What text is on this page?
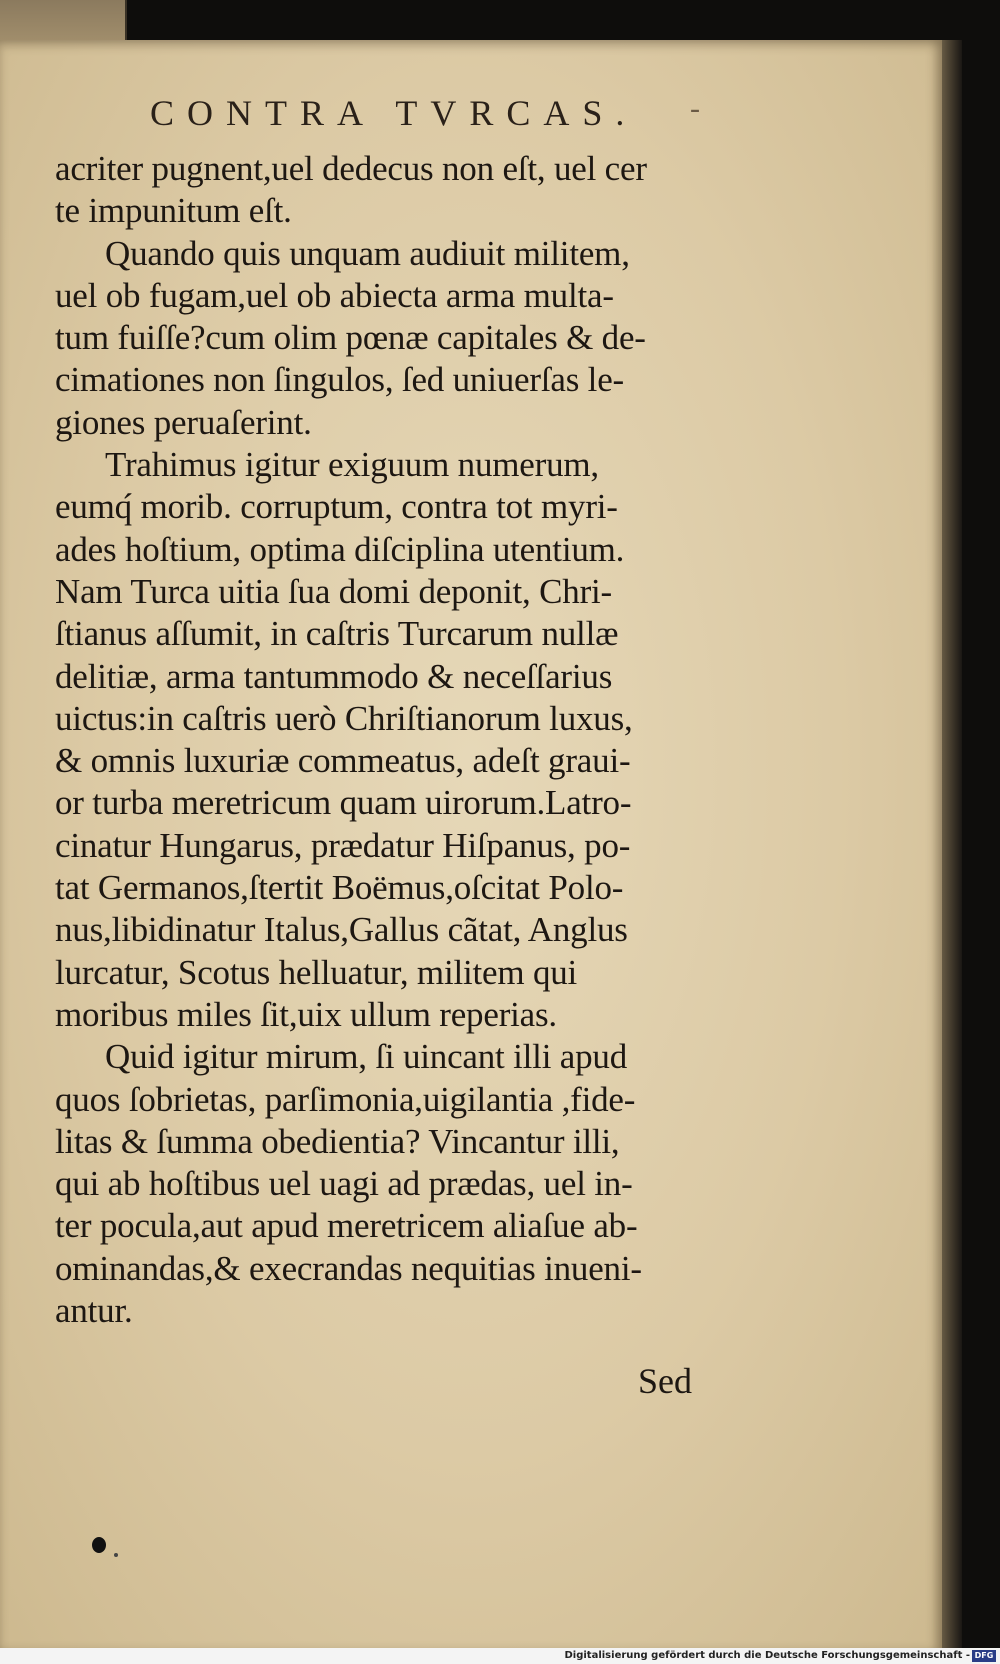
CONTRA TVRCAS.	-
acriter pugnent,uel dedecus non eſt, uel cer
te impunitum eſt.
Quando quis unquam audiuit militem,
uel ob fugam,uel ob abiecta arma multa-
tum fuiſſe?cum olim pœnæ capitales & de-
cimationes non ſingulos, ſed uniuerſas le-
giones peruaſerint.
Trahimus igitur exiguum numerum,
eumq́ morib. corruptum, contra tot myri-
ades hoſtium, optima diſciplina utentium.
Nam Turca uitia ſua domi deponit, Chri-
ſtianus aſſumit, in caſtris Turcarum nullæ
delitiæ, arma tantummodo & neceſſarius
uictus:in caſtris uerò Chriſtianorum luxus,
& omnis luxuriæ commeatus, adeſt graui-
or turba meretricum quam uirorum.Latro-
cinatur Hungarus, prædatur Hiſpanus, po-
tat Germanos,ſtertit Boëmus,oſcitat Polo-
nus,libidinatur Italus,Gallus cãtat, Anglus
lurcatur, Scotus helluatur, militem qui
moribus miles ſit,uix ullum reperias.
Quid igitur mirum, ſi uincant illi apud
quos ſobrietas, parſimonia,uigilantia ,fide-
litas & ſumma obedientia? Vincantur illi,
qui ab hoſtibus uel uagi ad prædas, uel in-
ter pocula,aut apud meretricem aliaſue ab-
ominandas,& execrandas nequitias inueni-
antur.
Sed
Digitalisierung gefördert durch die Deutsche Forschungsgemeinschaft - DFG
